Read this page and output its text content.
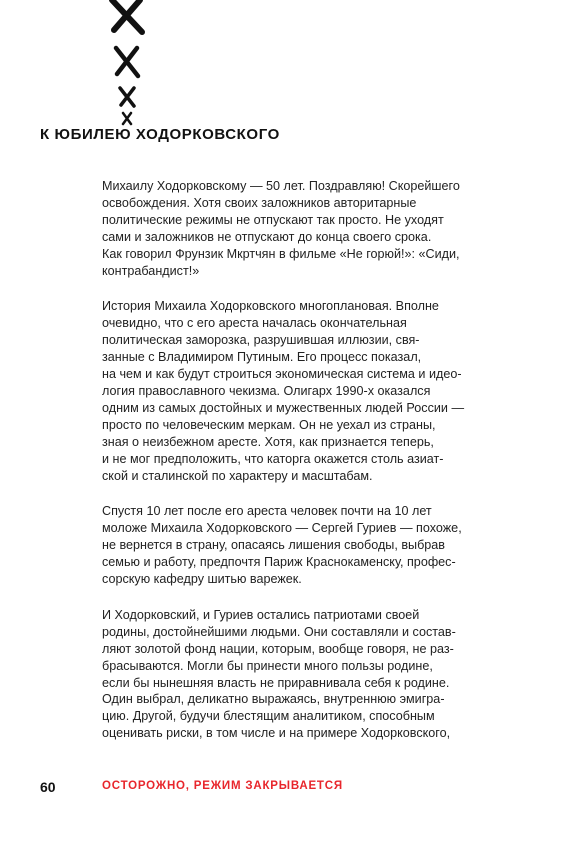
К ЮБИЛЕЮ ХОДОРКОВСКОГО
Михаилу Ходорковскому — 50 лет. Поздравляю! Скорейшего
освобождения. Хотя своих заложников авторитарные
политические режимы не отпускают так просто. Не уходят
сами и заложников не отпускают до конца своего срока.
Как говорил Фрунзик Мкртчян в фильме «Не горюй!»: «Сиди,
контрабандист!»
История Михаила Ходорковского многоплановая. Вполне
очевидно, что с его ареста началась окончательная
политическая заморозка, разрушившая иллюзии, свя-
занные с Владимиром Путиным. Его процесс показал,
на чем и как будут строиться экономическая система и идео-
логия православного чекизма. Олигарх 1990-х оказался
одним из самых достойных и мужественных людей России —
просто по человеческим меркам. Он не уехал из страны,
зная о неизбежном аресте. Хотя, как признается теперь,
и не мог предположить, что каторга окажется столь азиат-
ской и сталинской по характеру и масштабам.
Спустя 10 лет после его ареста человек почти на 10 лет
моложе Михаила Ходорковского — Сергей Гуриев — похоже,
не вернется в страну, опасаясь лишения свободы, выбрав
семью и работу, предпочтя Париж Краснокаменску, профес-
сорскую кафедру шитью варежек.
И Ходорковский, и Гуриев остались патриотами своей
родины, достойнейшими людьми. Они составляли и состав-
ляют золотой фонд нации, которым, вообще говоря, не раз-
брасываются. Могли бы принести много пользы родине,
если бы нынешняя власть не приравнивала себя к родине.
Один выбрал, деликатно выражаясь, внутреннюю эмигра-
цию. Другой, будучи блестящим аналитиком, способным
оценивать риски, в том числе и на примере Ходорковского,
60	ОСТОРОЖНО, РЕЖИМ ЗАКРЫВАЕТСЯ
